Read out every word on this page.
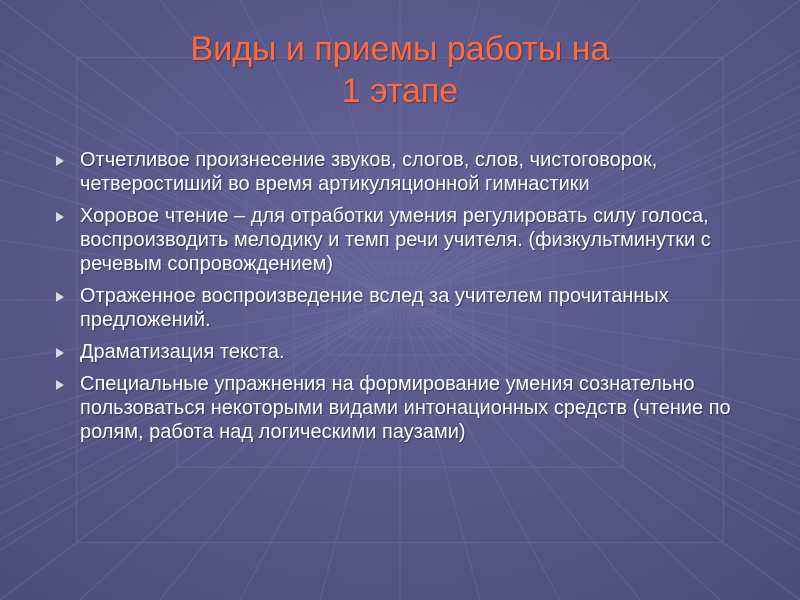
Виды и приемы работы на
1 этапе
Отчетливое произнесение звуков, слогов, слов, чистоговорок, четверостиший во время артикуляционной гимнастики
Хоровое чтение – для отработки умения регулировать силу голоса, воспроизводить мелодику и темп речи учителя. (физкультминутки с речевым сопровождением)
Отраженное воспроизведение вслед за учителем прочитанных предложений.
Драматизация текста.
Специальные упражнения на формирование умения сознательно пользоваться некоторыми видами интонационных средств (чтение по ролям, работа над логическими паузами)
